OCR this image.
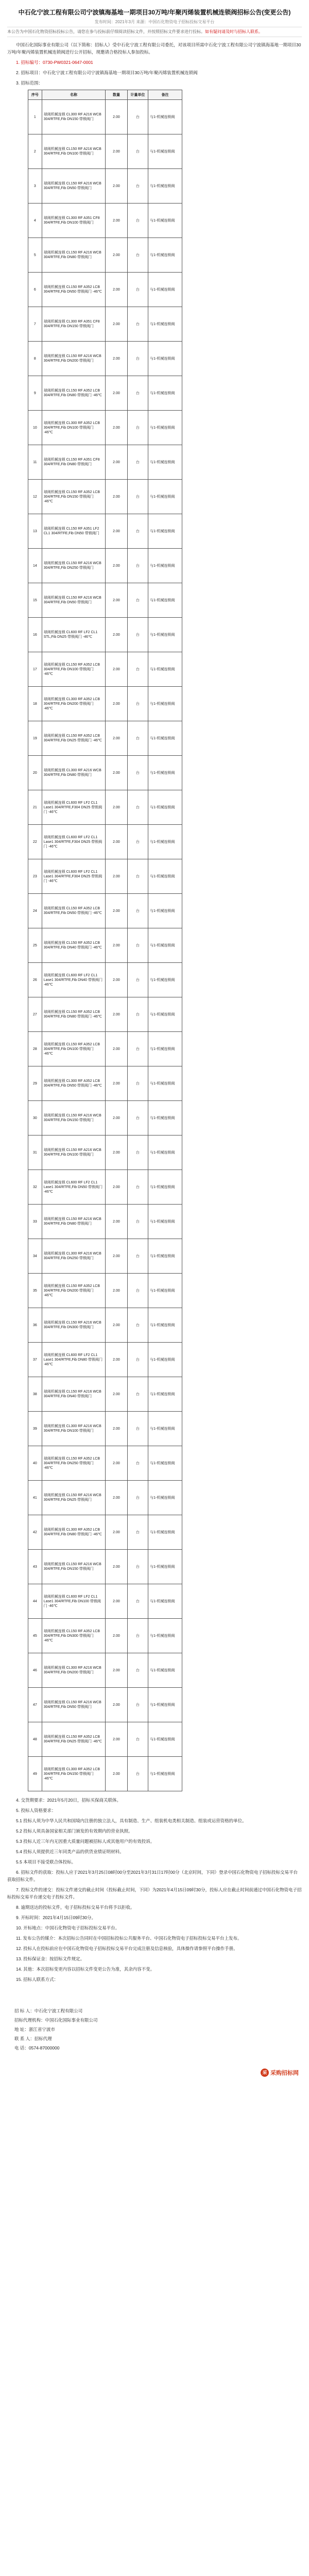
中石化宁波工程有限公司宁波镇海基地一期项目30万吨/年聚丙烯装置机械连锁阀招标公告(变更公告)
发布时间：2021年3月 来源：中国石化物资电子招标投标交易平台
本公告为中国石化物资招标投标公告，请您在参与投标前仔细阅读招标文件，并按照招标文件要求进行投标。如有疑问请及时与招标人联系。

中国石化国际事业有限公司（以下简称：招标人）受中石化宁波工程有限公司委托，对该项目所需中石化宁波工程有限公司宁波镇海基地一期项目30万吨/年聚丙烯装置机械连锁阀进行公开招标，现邀请合格投标人参加投标。

1. 招标编号：0730-PW0321-0647-0001

2. 招标项目：中石化宁波工程有限公司宁波镇海基地一期项目30万吨/年聚丙烯装置机械连锁阀

3. 招标范围：

序号	名称	数量	计量单位	备注
1	球阀机械连锁 CL300 RF A216 WCB 304/RTFE,Fib DN150 带锁阀门	2.00	台	与1-机械连锁阀
2	球阀机械连锁 CL150 RF A216 WCB 304/RTFE,Fib DN100 带锁阀门	2.00	台	与1-机械连锁阀
3	球阀机械连锁 CL150 RF A216 WCB 304/RTFE,Fib DN50 带锁阀门	2.00	台	与1-机械连锁阀
4	球阀机械连锁 CL300 RF A351 CF8 304/RTFE,Fib DN100 带锁阀门	2.00	台	与1-机械连锁阀
5	球阀机械连锁 CL150 RF A216 WCB 304/RTFE,Fib DN80 带锁阀门	2.00	台	与1-机械连锁阀
6	球阀机械连锁 CL150 RF A352 LCB 304/RTFE,Fib DN50 带锁阀门 -46℃	2.00	台	与1-机械连锁阀
7	球阀机械连锁 CL300 RF A351 CF8 304/RTFE,Fib DN150 带锁阀门	2.00	台	与1-机械连锁阀
8	球阀机械连锁 CL150 RF A216 WCB 304/RTFE,Fib DN200 带锁阀门	2.00	台	与1-机械连锁阀
9	球阀机械连锁 CL150 RF A352 LCB 304/RTFE,Fib DN80 带锁阀门 -46℃	2.00	台	与1-机械连锁阀
10	球阀机械连锁 CL300 RF A352 LCB 304/RTFE,Fib DN100 带锁阀门 -46℃	2.00	台	与1-机械连锁阀
11	球阀机械连锁 CL150 RF A351 CF8 304/RTFE,Fib DN80 带锁阀门	2.00	台	与1-机械连锁阀
12	球阀机械连锁 CL150 RF A352 LCB 304/RTFE,Fib DN150 带锁阀门 -46℃	2.00	台	与1-机械连锁阀
13	球阀机械连锁 CL150 RF A351 LF2 CL1 304/RTFE,Fib DN50 带锁阀门	2.00	台	与1-机械连锁阀
14	球阀机械连锁 CL150 RF A216 WCB 304/RTFE,Fib DN250 带锁阀门	2.00	台	与1-机械连锁阀
15	球阀机械连锁 CL150 RF A216 WCB 304/RTFE,Fib DN50 带锁阀门	2.00	台	与1-机械连锁阀
16	球阀机械连锁 CL600 RF LF2 CL1 STL,Fib DN25 带锁阀门 -46℃	2.00	台	与1-机械连锁阀
17	球阀机械连锁 CL150 RF A352 LCB 304/RTFE,Fib DN100 带锁阀门 -46℃	2.00	台	与1-机械连锁阀
18	球阀机械连锁 CL300 RF A352 LCB 304/RTFE,Fib DN200 带锁阀门 -46℃	2.00	台	与1-机械连锁阀
19	球阀机械连锁 CL150 RF A352 LCB 304/RTFE,Fib DN25 带锁阀门 -46℃	2.00	台	与1-机械连锁阀
20	球阀机械连锁 CL300 RF A216 WCB 304/RTFE,Fib DN80 带锁阀门	2.00	台	与1-机械连锁阀
21	球阀机械连锁 CL600 RF LF2 CL1 Lase1 304/RTFE,F304 DN25 带锁阀门 -46℃	2.00	台	与1-机械连锁阀
22	球阀机械连锁 CL600 RF LF2 CL1 Lase1 304/RTFE,F304 DN25 带锁阀门 -46℃	2.00	台	与1-机械连锁阀
23	球阀机械连锁 CL600 RF LF2 CL1 Lase1 304/RTFE,F304 DN25 带锁阀门 -46℃	2.00	台	与1-机械连锁阀
24	球阀机械连锁 CL150 RF A352 LCB 304/RTFE,Fib DN50 带锁阀门 -46℃	2.00	台	与1-机械连锁阀
25	球阀机械连锁 CL150 RF A352 LCB 304/RTFE,Fib DN40 带锁阀门 -46℃	2.00	台	与1-机械连锁阀
26	球阀机械连锁 CL600 RF LF2 CL1 Lase1 304/RTFE,Fib DN40 带锁阀门 -46℃	2.00	台	与1-机械连锁阀
27	球阀机械连锁 CL150 RF A352 LCB 304/RTFE,Fib DN80 带锁阀门 -46℃	2.00	台	与1-机械连锁阀
28	球阀机械连锁 CL150 RF A352 LCB 304/RTFE,Fib DN100 带锁阀门 -46℃	2.00	台	与1-机械连锁阀
29	球阀机械连锁 CL300 RF A352 LCB 304/RTFE,Fib DN50 带锁阀门 -46℃	2.00	台	与1-机械连锁阀
30	球阀机械连锁 CL150 RF A216 WCB 304/RTFE,Fib DN150 带锁阀门	2.00	台	与1-机械连锁阀
31	球阀机械连锁 CL150 RF A216 WCB 304/RTFE,Fib DN100 带锁阀门	2.00	台	与1-机械连锁阀
32	球阀机械连锁 CL600 RF LF2 CL1 Lase1 304/RTFE,Fib DN50 带锁阀门 -46℃	2.00	台	与1-机械连锁阀
33	球阀机械连锁 CL150 RF A216 WCB 304/RTFE,Fib DN80 带锁阀门	2.00	台	与1-机械连锁阀
34	球阀机械连锁 CL300 RF A216 WCB 304/RTFE,Fib DN250 带锁阀门	2.00	台	与1-机械连锁阀
35	球阀机械连锁 CL150 RF A352 LCB 304/RTFE,Fib DN200 带锁阀门 -46℃	2.00	台	与1-机械连锁阀
36	球阀机械连锁 CL150 RF A216 WCB 304/RTFE,Fib DN300 带锁阀门	2.00	台	与1-机械连锁阀
37	球阀机械连锁 CL600 RF LF2 CL1 Lase1 304/RTFE,Fib DN80 带锁阀门 -46℃	2.00	台	与1-机械连锁阀
38	球阀机械连锁 CL150 RF A216 WCB 304/RTFE,Fib DN40 带锁阀门	2.00	台	与1-机械连锁阀
39	球阀机械连锁 CL300 RF A216 WCB 304/RTFE,Fib DN100 带锁阀门	2.00	台	与1-机械连锁阀
40	球阀机械连锁 CL150 RF A352 LCB 304/RTFE,Fib DN250 带锁阀门 -46℃	2.00	台	与1-机械连锁阀
41	球阀机械连锁 CL150 RF A216 WCB 304/RTFE,Fib DN25 带锁阀门	2.00	台	与1-机械连锁阀
42	球阀机械连锁 CL300 RF A352 LCB 304/RTFE,Fib DN80 带锁阀门 -46℃	2.00	台	与1-机械连锁阀
43	球阀机械连锁 CL150 RF A216 WCB 304/RTFE,Fib DN150 带锁阀门	2.00	台	与1-机械连锁阀
44	球阀机械连锁 CL600 RF LF2 CL1 Lase1 304/RTFE,Fib DN100 带锁阀门 -46℃	2.00	台	与1-机械连锁阀
45	球阀机械连锁 CL150 RF A352 LCB 304/RTFE,Fib DN300 带锁阀门 -46℃	2.00	台	与1-机械连锁阀
46	球阀机械连锁 CL300 RF A216 WCB 304/RTFE,Fib DN200 带锁阀门	2.00	台	与1-机械连锁阀
47	球阀机械连锁 CL150 RF A216 WCB 304/RTFE,Fib DN50 带锁阀门	2.00	台	与1-机械连锁阀
48	球阀机械连锁 CL150 RF A352 LCB 304/RTFE,Fib DN25 带锁阀门 -46℃	2.00	台	与1-机械连锁阀
49	球阀机械连锁 CL300 RF A352 LCB 304/RTFE,Fib DN150 带锁阀门 -46℃	2.00	台	与1-机械连锁阀

4. 交货期要求：2021年5月20日，招标买保商关联体。

5. 投标人资格要求：

5.1 投标人须为中华人民共和国境内注册的独立法人，具有制造、生产、组装机电类相关制造、组装或运营资格的单位。

5.2 投标人须具备国家相关部门颁发的有效期内的营业执照。

5.3 投标人近三年内无因重大质量问题被招标人或其他用户的有效投诉。

5.4 投标人须提供近三年同类产品的供货业绩证明材料。

5.5 本项目不接受联合体投标。

6. 招标文件的获取：投标人应于2021年3月25日08时00分至2021年3月31日17时00分（北京时间，下同）登录中国石化物资电子招标投标交易平台获取招标文件。

7. 投标文件的递交：投标文件递交的截止时间（投标截止时间，下同）为2021年4月15日09时30分，投标人应在截止时间前通过中国石化物资电子招标投标交易平台递交电子投标文件。

8. 逾期送达的投标文件，电子招标投标交易平台将予以拒收。

9. 开标时间：2021年4月15日09时30分。

10. 开标地点：中国石化物资电子招标投标交易平台。

11. 发布公告的媒介：本次招标公告同时在中国招标投标公共服务平台、中国石化物资电子招标投标交易平台上发布。

12. 投标人在投标前应在中国石化物资电子招标投标交易平台完成注册及信息核验，具体操作请参照平台操作手册。

13. 投标保证金：按招标文件规定。

14. 其他：本次招标变更内容以招标文件变更公告为准，其余内容不变。

15. 招标人联系方式：

招 标 人：中石化宁波工程有限公司
招标代理机构：中国石化国际事业有限公司
地 址：浙江省宁波市
联 系 人：招标代理
电 话：0574-87000000
采 采购招标网
